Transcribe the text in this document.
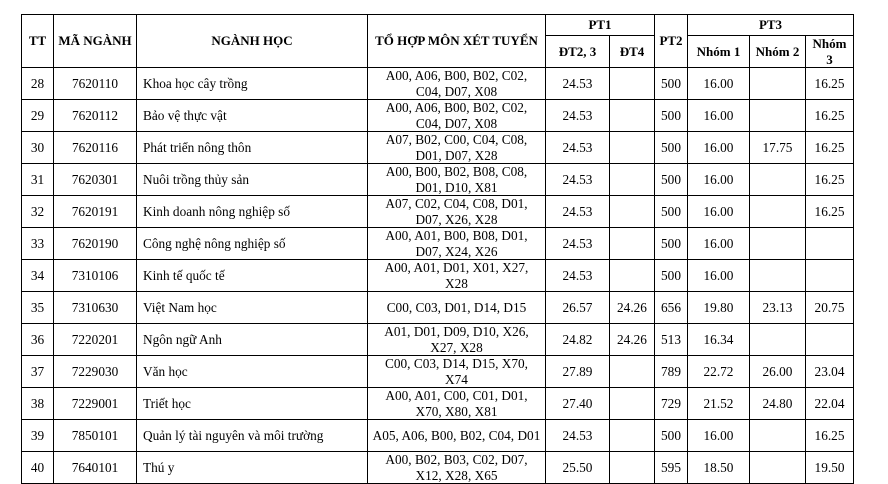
TT	MÃ NGÀNH	NGÀNH HỌC	TỔ HỢP MÔN XÉT TUYỂN	PT1		PT2	PT3		
				ĐT2, 3	ĐT4		Nhóm 1	Nhóm 2	Nhóm 3
28	7620110	Khoa học cây trồng	A00, A06, B00, B02, C02, C04, D07, X08	24.53		500	16.00		16.25
29	7620112	Bảo vệ thực vật	A00, A06, B00, B02, C02, C04, D07, X08	24.53		500	16.00		16.25
30	7620116	Phát triển nông thôn	A07, B02, C00, C04, C08, D01, D07, X28	24.53		500	16.00	17.75	16.25
31	7620301	Nuôi trồng thủy sản	A00, B00, B02, B08, C08, D01, D10, X81	24.53		500	16.00		16.25
32	7620191	Kinh doanh nông nghiệp số	A07, C02, C04, C08, D01, D07, X26, X28	24.53		500	16.00		16.25
33	7620190	Công nghệ nông nghiệp số	A00, A01, B00, B08, D01, D07, X24, X26	24.53		500	16.00		
34	7310106	Kinh tế quốc tế	A00, A01, D01, X01, X27, X28	24.53		500	16.00		
35	7310630	Việt Nam học	C00, C03, D01, D14, D15	26.57	24.26	656	19.80	23.13	20.75
36	7220201	Ngôn ngữ Anh	A01, D01, D09, D10, X26, X27, X28	24.82	24.26	513	16.34		
37	7229030	Văn học	C00, C03, D14, D15, X70, X74	27.89		789	22.72	26.00	23.04
38	7229001	Triết học	A00, A01, C00, C01, D01, X70, X80, X81	27.40		729	21.52	24.80	22.04
39	7850101	Quản lý tài nguyên và môi trường	A05, A06, B00, B02, C04, D01	24.53		500	16.00		16.25
40	7640101	Thú y	A00, B02, B03, C02, D07, X12, X28, X65	25.50		595	18.50		19.50
